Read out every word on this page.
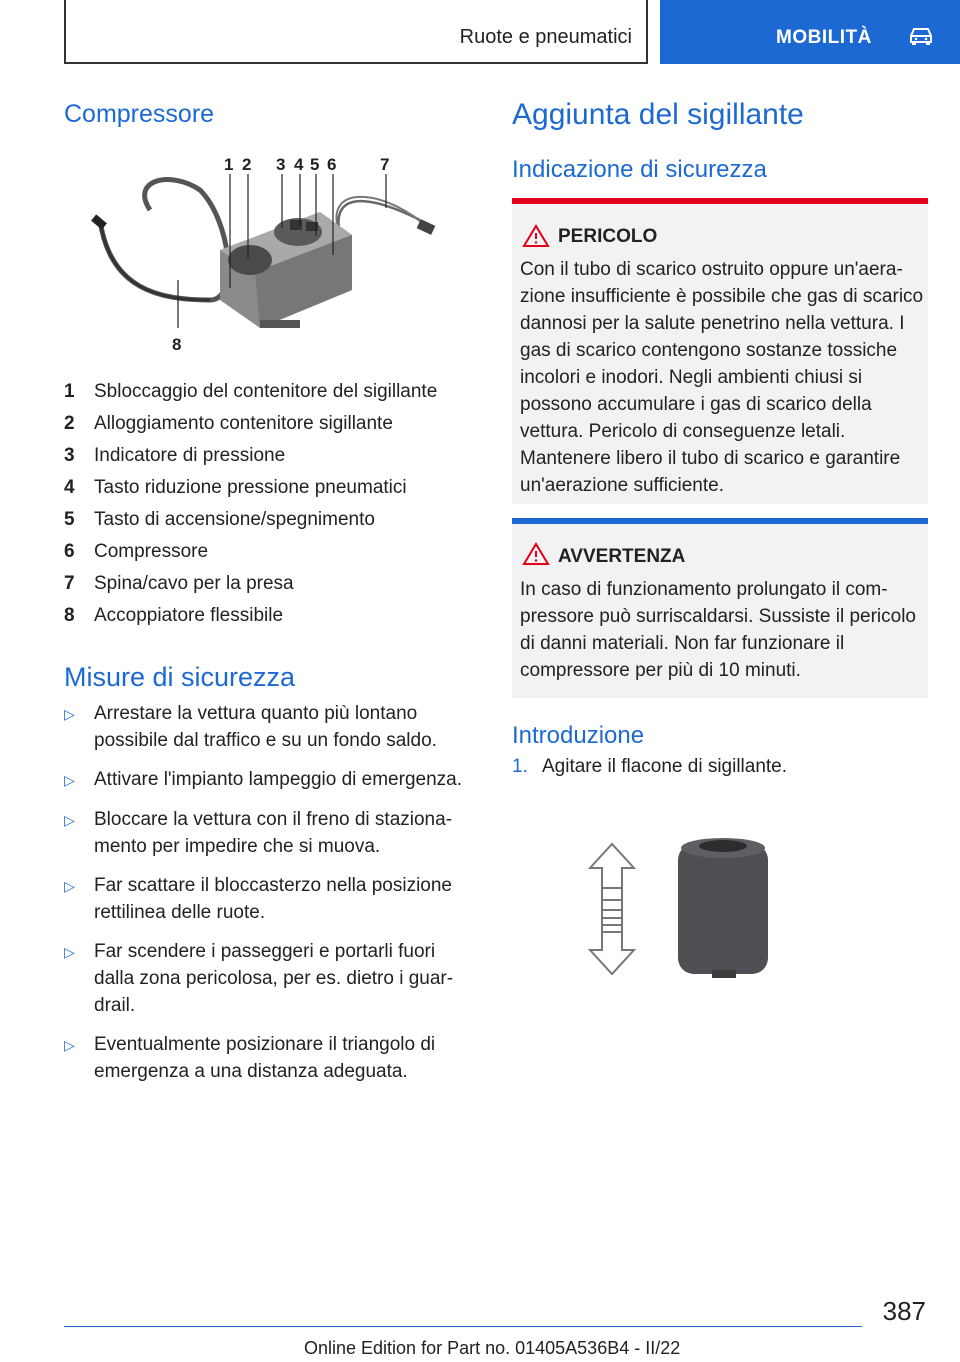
Ruote e pneumatici	MOBILITÀ
Compressore
1 2 3 4 5 6	7
8
1	Sbloccaggio del contenitore del sigillante
2	Alloggiamento contenitore sigillante
3	Indicatore di pressione
4	Tasto riduzione pressione pneumatici
5	Tasto di accensione/spegnimento
6	Compressore
7	Spina/cavo per la presa
8	Accoppiatore flessibile
Misure di sicurezza
▷	Arrestare la vettura quanto più lontano possibile dal traffico e su un fondo saldo.
▷	Attivare l'impianto lampeggio di emergenza.
▷	Bloccare la vettura con il freno di stazionamento per impedire che si muova.
▷	Far scattare il bloccasterzo nella posizione rettilinea delle ruote.
▷	Far scendere i passeggeri e portarli fuori dalla zona pericolosa, per es. dietro i guardrail.
▷	Eventualmente posizionare il triangolo di emergenza a una distanza adeguata.
Aggiunta del sigillante
Indicazione di sicurezza
PERICOLO
Con il tubo di scarico ostruito oppure un'aerazione insufficiente è possibile che gas di scarico dannosi per la salute penetrino nella vettura. I gas di scarico contengono sostanze tossiche incolori e inodori. Negli ambienti chiusi si possono accumulare i gas di scarico della vettura. Pericolo di conseguenze letali. Mantenere libero il tubo di scarico e garantire un'aerazione sufficiente.
AVVERTENZA
In caso di funzionamento prolungato il compressore può surriscaldarsi. Sussiste il pericolo di danni materiali. Non far funzionare il compressore per più di 10 minuti.
Introduzione
1. Agitare il flacone di sigillante.
387
Online Edition for Part no. 01405A536B4 - II/22
